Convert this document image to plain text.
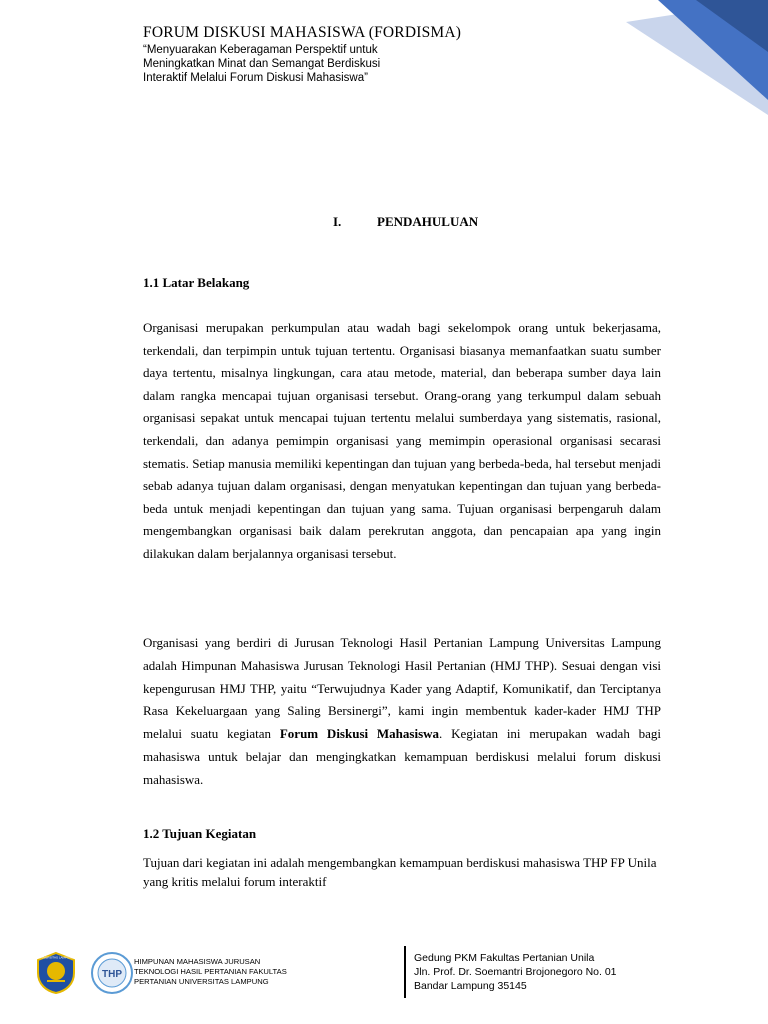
FORUM DISKUSI MAHASISWA (FORDISMA)
“Menyuarakan Keberagaman Perspektif untuk
Meningkatkan Minat dan Semangat Berdiskusi
Interaktif Melalui Forum Diskusi Mahasiswa”
I.	PENDAHULUAN
1.1 Latar Belakang
Organisasi merupakan perkumpulan atau wadah bagi sekelompok orang untuk bekerjasama, terkendali, dan terpimpin untuk tujuan tertentu. Organisasi biasanya memanfaatkan suatu sumber daya tertentu, misalnya lingkungan, cara atau metode, material, dan beberapa sumber daya lain dalam rangka mencapai tujuan organisasi tersebut. Orang-orang yang terkumpul dalam sebuah organisasi sepakat untuk mencapai tujuan tertentu melalui sumberdaya yang sistematis, rasional, terkendali, dan adanya pemimpin organisasi yang memimpin operasional organisasi secarasi stematis. Setiap manusia memiliki kepentingan dan tujuan yang berbeda-beda, hal tersebut menjadi sebab adanya tujuan dalam organisasi, dengan menyatukan kepentingan dan tujuan yang berbeda-beda untuk menjadi kepentingan dan tujuan yang sama. Tujuan organisasi berpengaruh dalam mengembangkan organisasi baik dalam perekrutan anggota, dan pencapaian apa yang ingin dilakukan dalam berjalannya organisasi tersebut.
Organisasi yang berdiri di Jurusan Teknologi Hasil Pertanian Lampung Universitas Lampung adalah Himpunan Mahasiswa Jurusan Teknologi Hasil Pertanian (HMJ THP). Sesuai dengan visi kepengurusan HMJ THP, yaitu “Terwujudnya Kader yang Adaptif, Komunikatif, dan Terciptanya Rasa Kekeluargaan yang Saling Bersinergi”, kami ingin membentuk kader-kader HMJ THP melalui suatu kegiatan Forum Diskusi Mahasiswa. Kegiatan ini merupakan wadah bagi mahasiswa untuk belajar dan mengingkatkan kemampuan berdiskusi melalui forum diskusi mahasiswa.
1.2 Tujuan Kegiatan
Tujuan dari kegiatan ini adalah mengembangkan kemampuan berdiskusi mahasiswa THP FP Unila yang kritis melalui forum interaktif
UNIVERSITAS LAMPUNG
THP
HIMPUNAN MAHASISWA JURUSAN
TEKNOLOGI HASIL PERTANIAN FAKULTAS
PERTANIAN UNIVERSITAS LAMPUNG
Gedung PKM Fakultas Pertanian Unila
Jln. Prof. Dr. Soemantri Brojonegoro No. 01
Bandar Lampung 35145
